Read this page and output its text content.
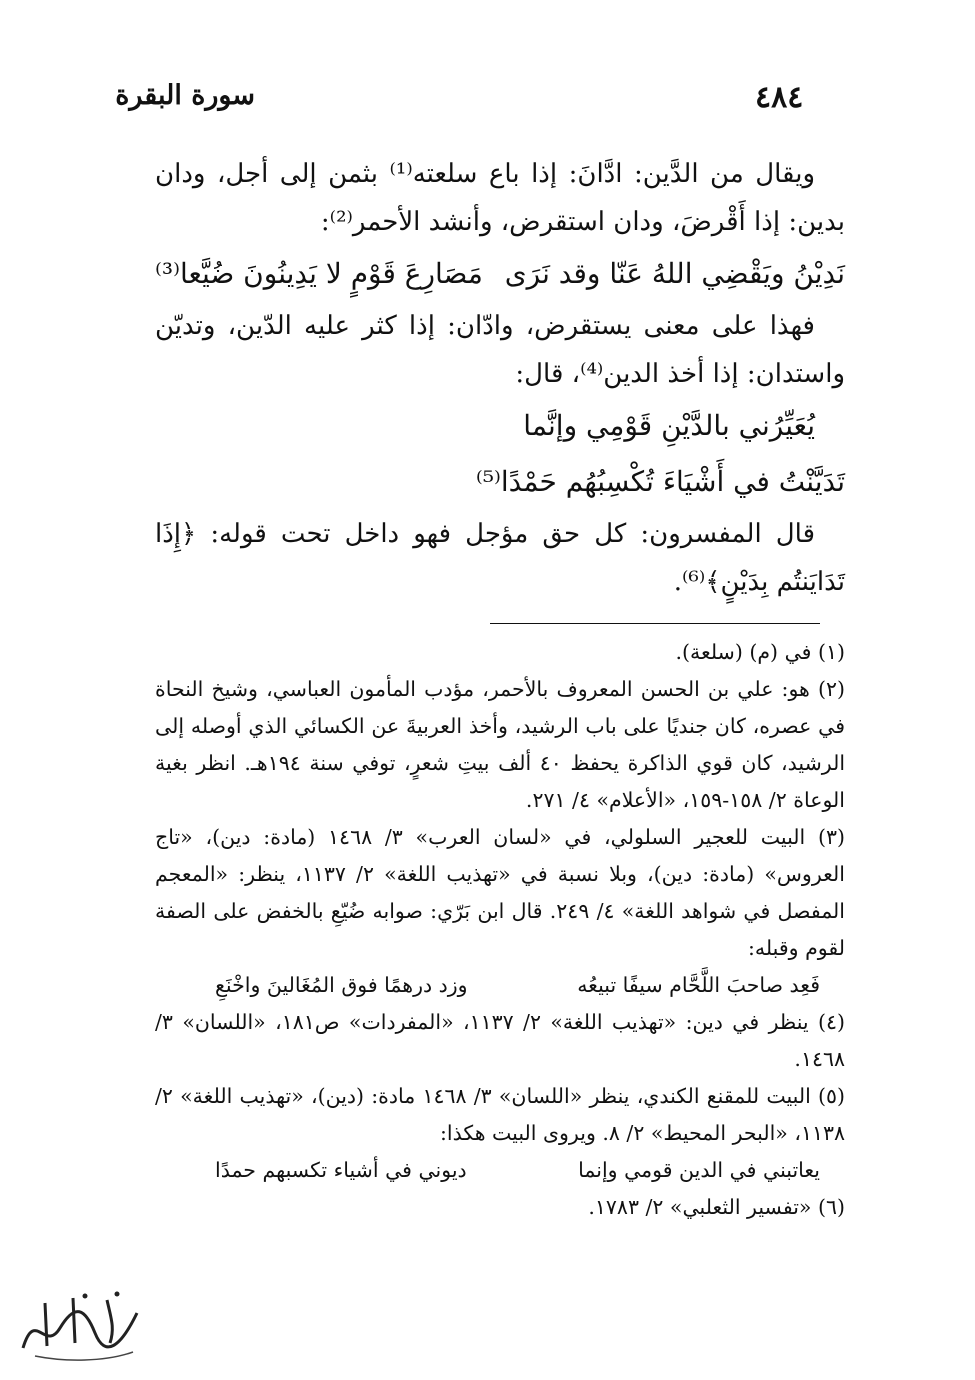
سورة البقرة	٤٨٤

ويقال من الدَّين: ادَّانَ: إذا باع سلعته⁽¹⁾ بثمن إلى أجل، ودان بدين: إذا أَقْرضَ، ودان استقرض، وأنشد الأحمر⁽²⁾:

نَدِيْنُ ويَقْضِي اللهُ عَنّا وقد نَرَى
مَصَارِعَ قَوْمٍ لا يَدِينُونَ ضُيَّعا⁽³⁾

فهذا على معنى يستقرض، وادّان: إذا كثر عليه الدّين، وتديّن واستدان: إذا أخذ الدين⁽⁴⁾، قال:

يُعَيِّرُني بالدَّيْنِ قَوْمِي وإنَّما
تَدَيَّنْتُ في أَشْيَاءَ تُكْسِبُهُم حَمْدًا⁽⁵⁾

قال المفسرون: كل حق مؤجل فهو داخل تحت قوله: ﴿إِذَا تَدَايَنتُم بِدَيْنٍ﴾⁽⁶⁾.

(١) في (م) (سلعة).

(٢) هو: علي بن الحسن المعروف بالأحمر، مؤدب المأمون العباسي، وشيخ النحاة في عصره، كان جنديًا على باب الرشيد، وأخذ العربيةَ عن الكسائي الذي أوصله إلى الرشيد، كان قوي الذاكرة يحفظ ٤٠ ألف بيتِ شعرٍ، توفي سنة ١٩٤هـ. انظر بغية الوعاة ٢/ ١٥٨-١٥٩، «الأعلام» ٤/ ٢٧١.

(٣) البيت للعجير السلولي، في «لسان العرب» ٣/ ١٤٦٨ (مادة: دين)، «تاج العروس» (مادة: دين)، وبلا نسبة في «تهذيب اللغة» ٢/ ١١٣٧، ينظر: «المعجم المفصل في شواهد اللغة» ٤/ ٢٤٩. قال ابن بَرّي: صوابه ضُيّعِ بالخفض على الصفة لقوم وقبله:

فَعِد صاحبَ اللَّحَّام سيفًا تبيعُه
وزد درهمًا فوق المُغَالينَ واخْنَعِ

(٤) ينظر في دين: «تهذيب اللغة» ٢/ ١١٣٧، «المفردات» ص١٨١، «اللسان» ٣/ ١٤٦٨.

(٥) البيت للمقنع الكندي، ينظر «اللسان» ٣/ ١٤٦٨ مادة: (دين)، «تهذيب اللغة» ٢/ ١١٣٨، «البحر المحيط» ٢/ ٨. ويروى البيت هكذا:

يعاتبني في الدين قومي وإنما
ديوني في أشياء تكسبهم حمدًا

(٦) «تفسير الثعلبي» ٢/ ١٧٨٣.
